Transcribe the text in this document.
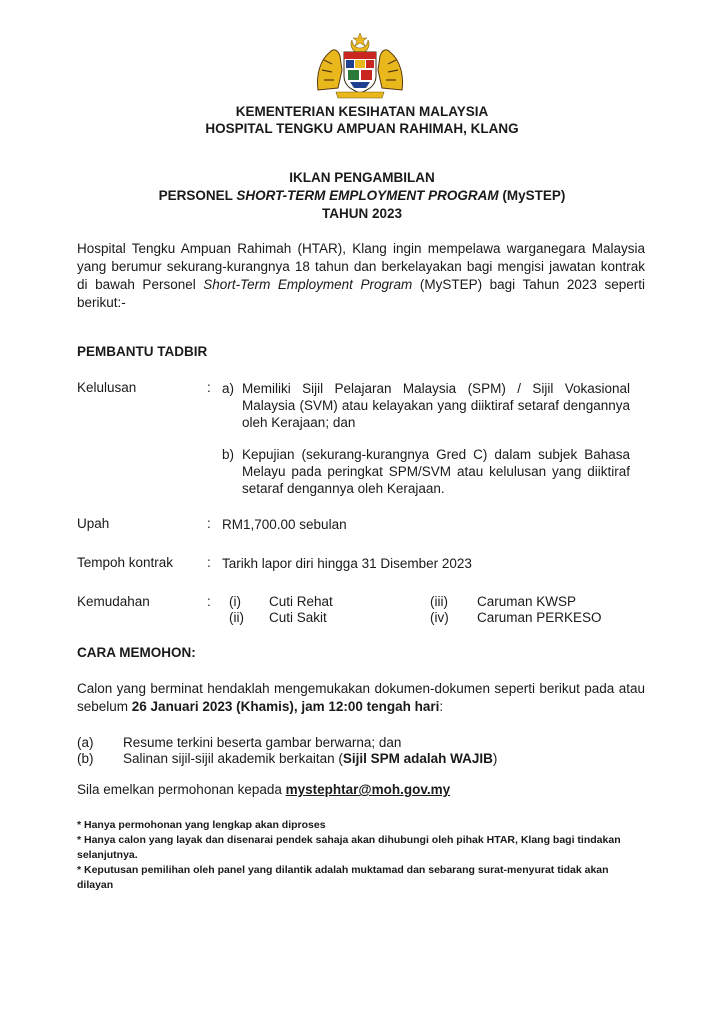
KEMENTERIAN KESIHATAN MALAYSIA
HOSPITAL TENGKU AMPUAN RAHIMAH, KLANG
IKLAN PENGAMBILAN
PERSONEL SHORT-TERM EMPLOYMENT PROGRAM (MySTEP)
TAHUN 2023

Hospital Tengku Ampuan Rahimah (HTAR), Klang ingin mempelawa warganegara Malaysia yang berumur sekurang-kurangnya 18 tahun dan berkelayakan bagi mengisi jawatan kontrak di bawah Personel Short-Term Employment Program (MySTEP) bagi Tahun 2023 seperti berikut:-

PEMBANTU TADBIR
Kelulusan	: a) Memiliki Sijil Pelajaran Malaysia (SPM) / Sijil Vokasional Malaysia (SVM) atau kelayakan yang diiktiraf setaraf dengannya oleh Kerajaan; dan
b) Kepujian (sekurang-kurangnya Gred C) dalam subjek Bahasa Melayu pada peringkat SPM/SVM atau kelulusan yang diiktiraf setaraf dengannya oleh Kerajaan.
Upah	: RM1,700.00 sebulan
Tempoh kontrak	: Tarikh lapor diri hingga 31 Disember 2023
Kemudahan	: (i) Cuti Rehat
(ii) Cuti Sakit
(iii) Caruman KWSP
(iv) Caruman PERKESO
CARA MEMOHON:
Calon yang berminat hendaklah mengemukakan dokumen-dokumen seperti berikut pada atau sebelum 26 Januari 2023 (Khamis), jam 12:00 tengah hari:
(a) Resume terkini beserta gambar berwarna; dan
(b) Salinan sijil-sijil akademik berkaitan (Sijil SPM adalah WAJIB)
Sila emelkan permohonan kepada mystephtar@moh.gov.my
* Hanya permohonan yang lengkap akan diproses
* Hanya calon yang layak dan disenarai pendek sahaja akan dihubungi oleh pihak HTAR, Klang bagi tindakan selanjutnya.
* Keputusan pemilihan oleh panel yang dilantik adalah muktamad dan sebarang surat-menyurat tidak akan dilayan
